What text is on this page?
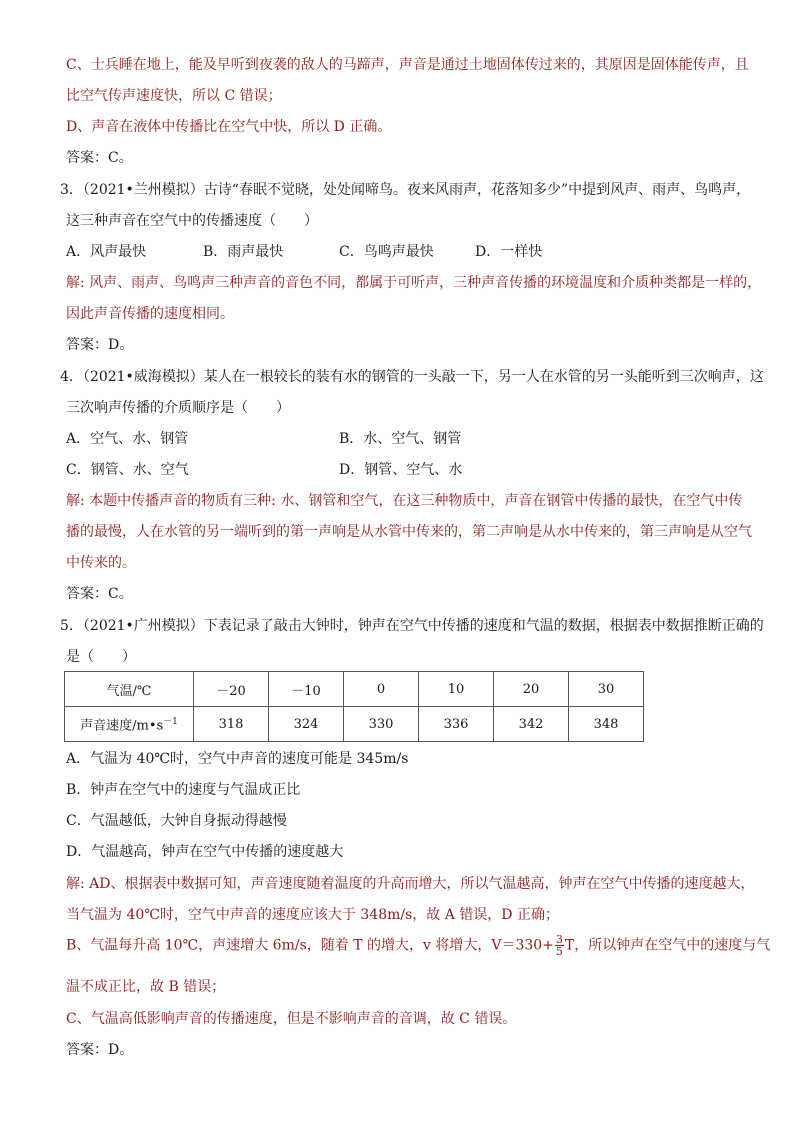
C、士兵睡在地上，能及早听到夜袭的敌人的马蹄声，声音是通过土地固体传过来的，其原因是固体能传声，且
比空气传声速度快，所以 C 错误；
D、声音在液体中传播比在空气中快，所以 D 正确。
答案：C。
3．（2021•兰州模拟）古诗“春眠不觉晓，处处闻啼鸟。夜来风雨声，花落知多少”中提到风声、雨声、鸟鸣声，
这三种声音在空气中的传播速度（　　）
A．风声最快	B．雨声最快	C．鸟鸣声最快	D．一样快
解: 风声、雨声、鸟鸣声三种声音的音色不同，都属于可听声，三种声音传播的环境温度和介质种类都是一样的，
因此声音传播的速度相同。
答案：D。
4．（2021•威海模拟）某人在一根较长的装有水的钢管的一头敲一下，另一人在水管的另一头能听到三次响声，这
三次响声传播的介质顺序是（　　）
A．空气、水、钢管	B．水、空气、钢管
C．钢管、水、空气	D．钢管、空气、水
解: 本题中传播声音的物质有三种: 水、钢管和空气，在这三种物质中，声音在钢管中传播的最快，在空气中传
播的最慢，人在水管的另一端听到的第一声响是从水管中传来的，第二声响是从水中传来的，第三声响是从空气
中传来的。
答案：C。
5．（2021•广州模拟）下表记录了敲击大钟时，钟声在空气中传播的速度和气温的数据，根据表中数据推断正确的
是（　　）
气温/℃	－20	－10	0	10	20	30
声音速度$/m•s^{-1}$	318	324	330	336	342	348
A．气温为 40℃时，空气中声音的速度可能是 345m/s
B．钟声在空气中的速度与气温成正比
C．气温越低，大钟自身振动得越慢
D．气温越高，钟声在空气中传播的速度越大
解: AD、根据表中数据可知，声音速度随着温度的升高而增大，所以气温越高，钟声在空气中传播的速度越大，
当气温为 40℃时，空气中声音的速度应该大于 348m/s，故 A 错误，D 正确；
B、气温每升高 10℃，声速增大 6m/s，随着 T 的增大，v 将增大，$V=330+ \frac{3}{5}$ T，所以钟声在空气中的速度与气
温不成正比，故 B 错误；
C、气温高低影响声音的传播速度，但是不影响声音的音调，故 C 错误。
答案：D。
